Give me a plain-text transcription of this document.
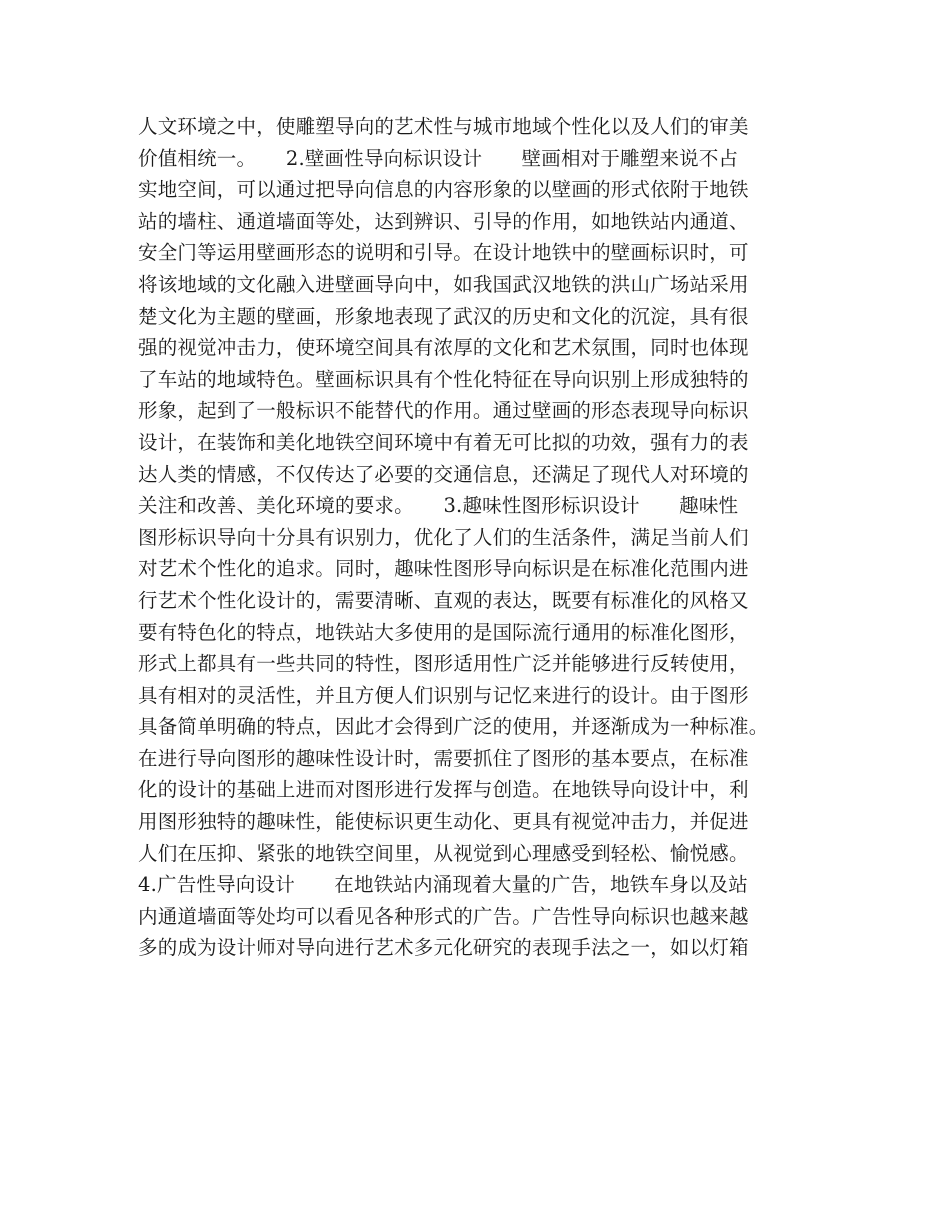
人文环境之中，使雕塑导向的艺术性与城市地域个性化以及人们的审美
价值相统一。　　2.壁画性导向标识设计　　壁画相对于雕塑来说不占
实地空间，可以通过把导向信息的内容形象的以壁画的形式依附于地铁
站的墙柱、通道墙面等处，达到辨识、引导的作用，如地铁站内通道、
安全门等运用壁画形态的说明和引导。在设计地铁中的壁画标识时，可
将该地域的文化融入进壁画导向中，如我国武汉地铁的洪山广场站采用
楚文化为主题的壁画，形象地表现了武汉的历史和文化的沉淀，具有很
强的视觉冲击力，使环境空间具有浓厚的文化和艺术氛围，同时也体现
了车站的地域特色。壁画标识具有个性化特征在导向识别上形成独特的
形象，起到了一般标识不能替代的作用。通过壁画的形态表现导向标识
设计，在装饰和美化地铁空间环境中有着无可比拟的功效，强有力的表
达人类的情感，不仅传达了必要的交通信息，还满足了现代人对环境的
关注和改善、美化环境的要求。　　3.趣味性图形标识设计　　趣味性
图形标识导向十分具有识别力，优化了人们的生活条件，满足当前人们
对艺术个性化的追求。同时，趣味性图形导向标识是在标准化范围内进
行艺术个性化设计的，需要清晰、直观的表达，既要有标准化的风格又
要有特色化的特点，地铁站大多使用的是国际流行通用的标准化图形，
形式上都具有一些共同的特性，图形适用性广泛并能够进行反转使用，
具有相对的灵活性，并且方便人们识别与记忆来进行的设计。由于图形
具备简单明确的特点，因此才会得到广泛的使用，并逐渐成为一种标准。
在进行导向图形的趣味性设计时，需要抓住了图形的基本要点，在标准
化的设计的基础上进而对图形进行发挥与创造。在地铁导向设计中，利
用图形独特的趣味性，能使标识更生动化、更具有视觉冲击力，并促进
人们在压抑、紧张的地铁空间里，从视觉到心理感受到轻松、愉悦感。
4.广告性导向设计　　在地铁站内涌现着大量的广告，地铁车身以及站
内通道墙面等处均可以看见各种形式的广告。广告性导向标识也越来越
多的成为设计师对导向进行艺术多元化研究的表现手法之一，如以灯箱
